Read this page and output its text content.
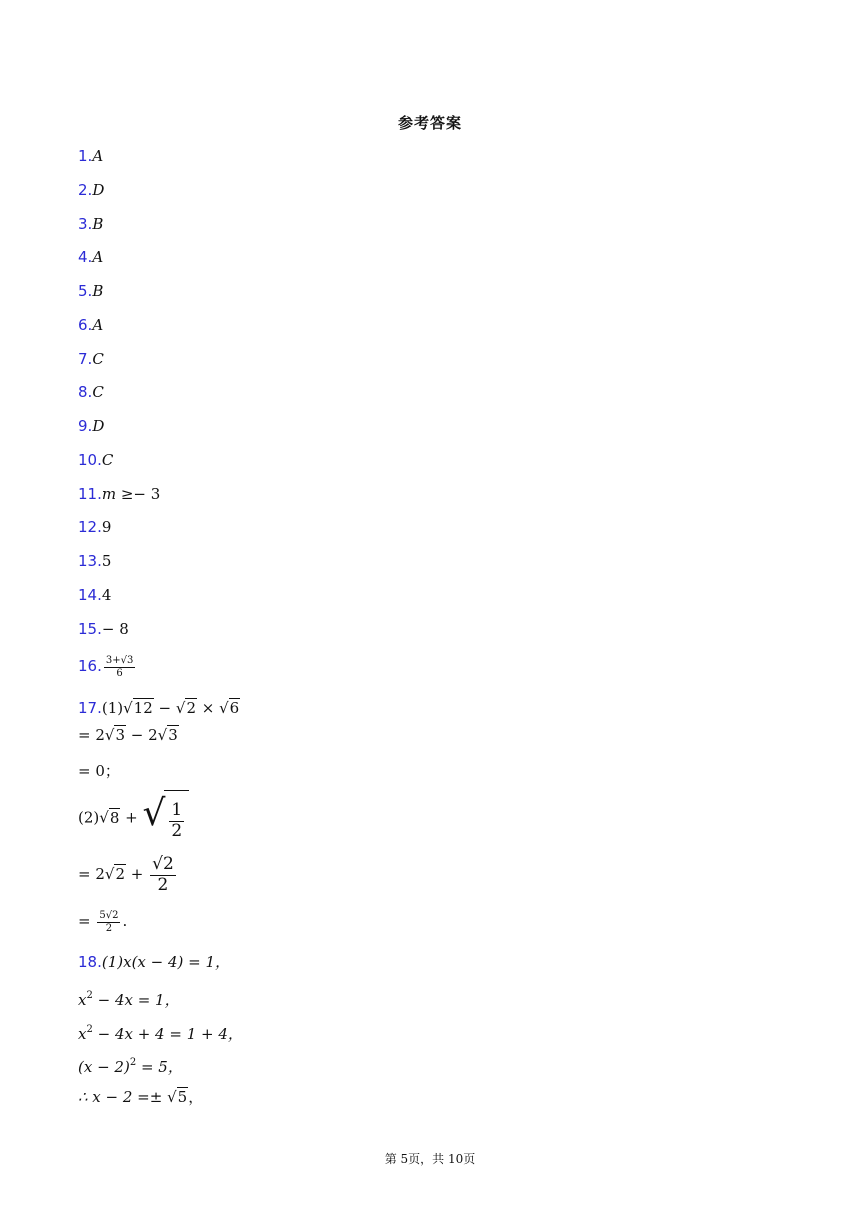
参考答案
1.A
2.D
3.B
4.A
5.B
6.A
7.C
8.C
9.D
10.C
11.m ≥− 3
12.9
13.5
14.4
15.− 8
16. $\frac{3+√3}{6}$
17.(1)√12 − √2 × √6
= 2√3 − 2√3
= 0；
(2)√8 + √ $\frac{1}{2}$
= $2√2 + \frac{√2}{2}$
= $\frac{5√2}{2}$ .
18.(1)x(x − 4) = 1，
$x^2 - 4x = 1$，
$x^2 - 4x + 4 = 1 + 4$，
$(x - 2)^2 = 5$，
∴ x − 2 =± √5，
第 5页，共 10页
